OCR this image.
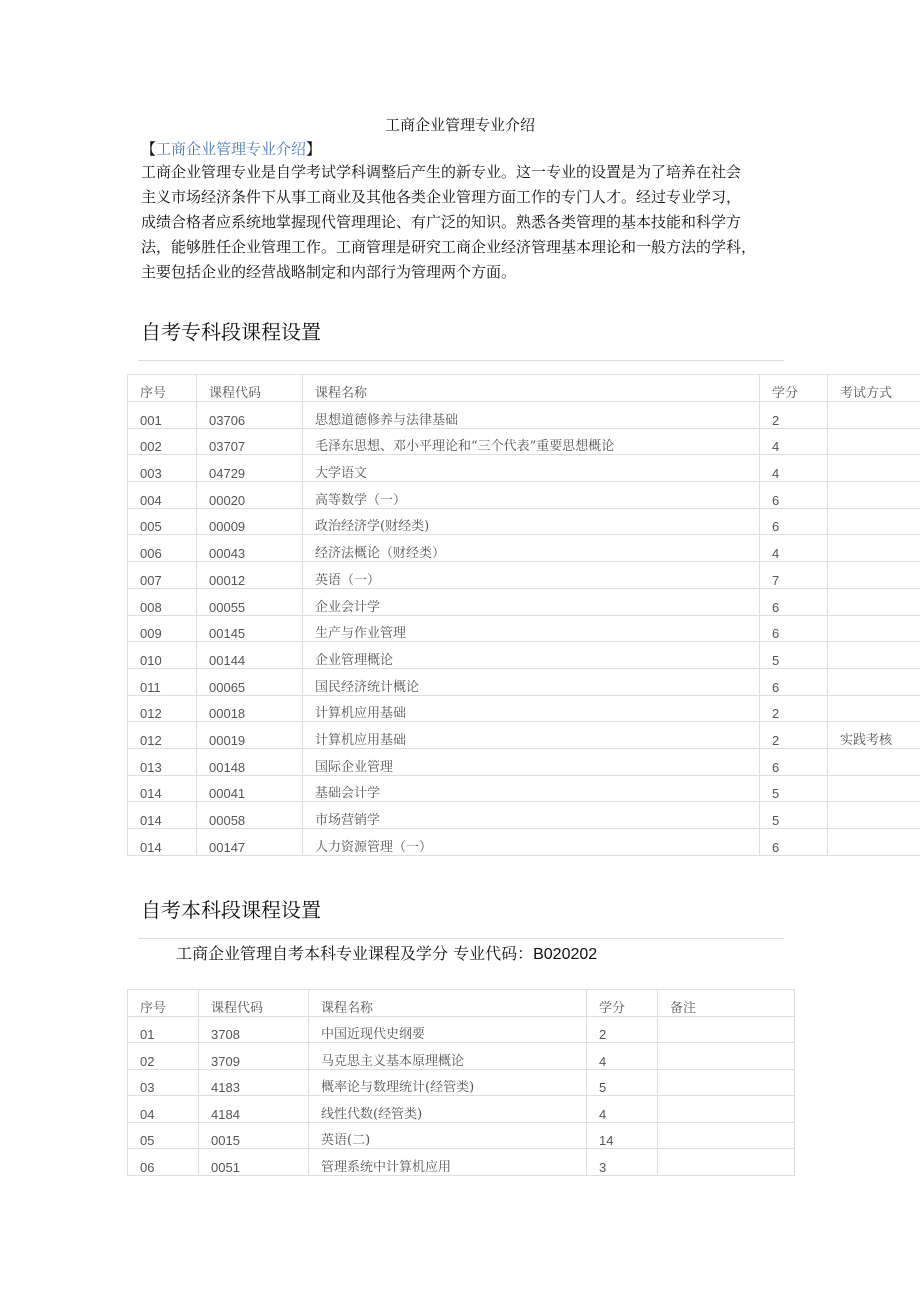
工商企业管理专业介绍
【工商企业管理专业介绍】
工商企业管理专业是自学考试学科调整后产生的新专业。这一专业的设置是为了培养在社会
主义市场经济条件下从事工商业及其他各类企业管理方面工作的专门人才。经过专业学习，
成绩合格者应系统地掌握现代管理理论、有广泛的知识。熟悉各类管理的基本技能和科学方
法，能够胜任企业管理工作。工商管理是研究工商企业经济管理基本理论和一般方法的学科，
主要包括企业的经营战略制定和内部行为管理两个方面。
自考专科段课程设置
序号	课程代码	课程名称	学分	考试方式
001	03706	思想道德修养与法律基础	2	
002	03707	毛泽东思想、邓小平理论和“三个代表”重要思想概论	4	
003	04729	大学语文	4	
004	00020	高等数学（一）	6	
005	00009	政治经济学(财经类)	6	
006	00043	经济法概论（财经类）	4	
007	00012	英语（一）	7	
008	00055	企业会计学	6	
009	00145	生产与作业管理	6	
010	00144	企业管理概论	5	
011	00065	国民经济统计概论	6	
012	00018	计算机应用基础	2	
012	00019	计算机应用基础	2	实践考核
013	00148	国际企业管理	6	
014	00041	基础会计学	5	
014	00058	市场营销学	5	
014	00147	人力资源管理（一）	6	
自考本科段课程设置
工商企业管理自考本科专业课程及学分 专业代码：B020202
序号	课程代码	课程名称	学分	备注
01	3708	中国近现代史纲要	2	
02	3709	马克思主义基本原理概论	4	
03	4183	概率论与数理统计(经管类)	5	
04	4184	线性代数(经管类)	4	
05	0015	英语(二)	14	
06	0051	管理系统中计算机应用	3	
